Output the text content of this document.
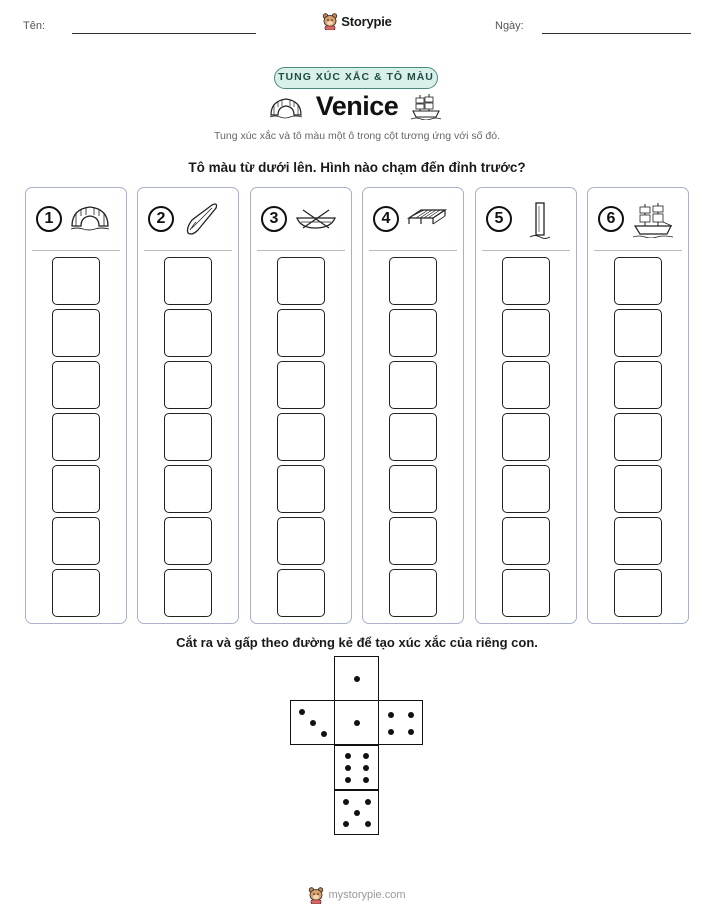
Tên:	Ngày:
Storypie
TUNG XÚC XẮC & TÔ MÀU
Venice
Tung xúc xắc và tô màu một ô trong cột tương ứng với số đó.
Tô màu từ dưới lên. Hình nào chạm đến đỉnh trước?
1	2	3	4	5	6
Cắt ra và gấp theo đường kẻ để tạo xúc xắc của riêng con.
mystorypie.com
